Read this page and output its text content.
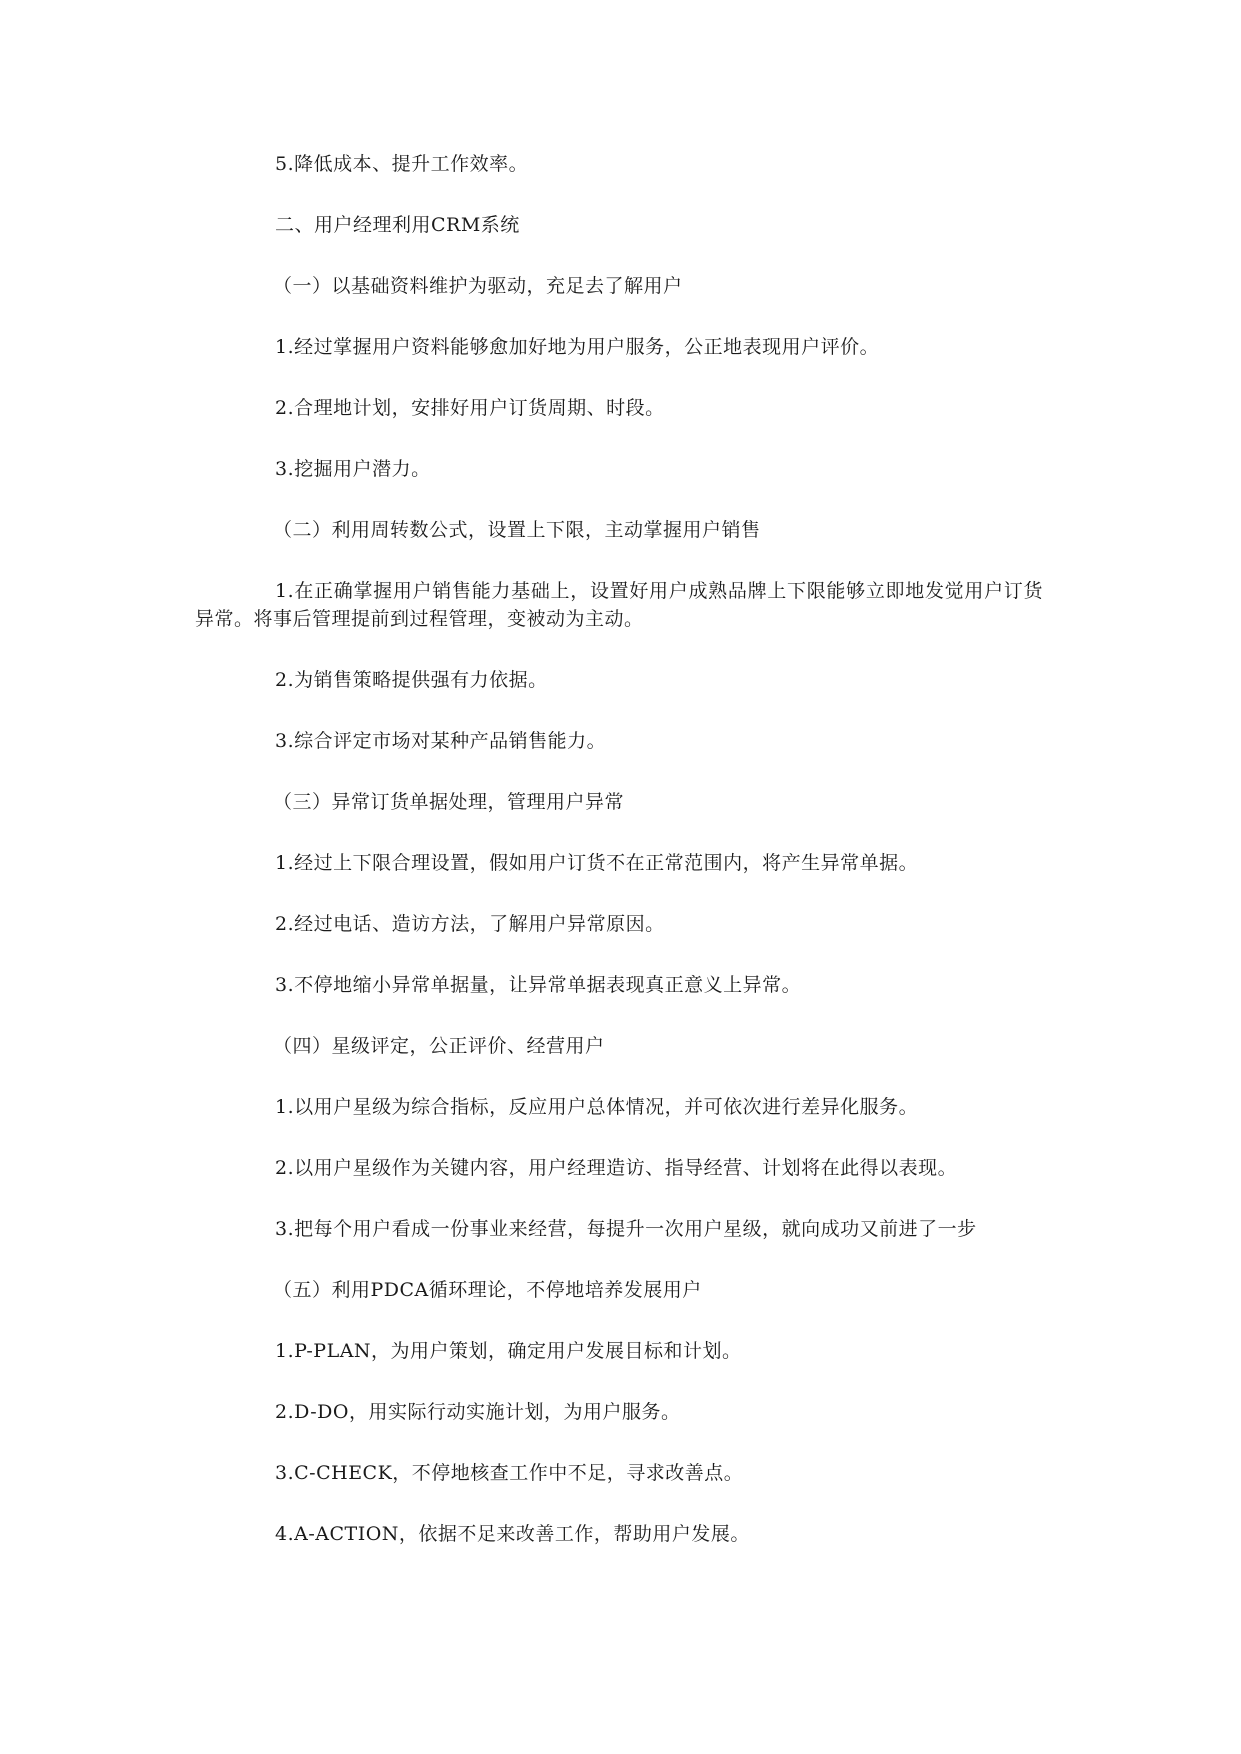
5.降低成本、提升工作效率。

二、用户经理利用CRM系统

（一）以基础资料维护为驱动，充足去了解用户

1.经过掌握用户资料能够愈加好地为用户服务，公正地表现用户评价。

2.合理地计划，安排好用户订货周期、时段。

3.挖掘用户潜力。

（二）利用周转数公式，设置上下限，主动掌握用户销售

1.在正确掌握用户销售能力基础上，设置好用户成熟品牌上下限能够立即地发觉用户订货异常。将事后管理提前到过程管理，变被动为主动。

2.为销售策略提供强有力依据。

3.综合评定市场对某种产品销售能力。

（三）异常订货单据处理，管理用户异常

1.经过上下限合理设置，假如用户订货不在正常范围内，将产生异常单据。

2.经过电话、造访方法，了解用户异常原因。

3.不停地缩小异常单据量，让异常单据表现真正意义上异常。

（四）星级评定，公正评价、经营用户

1.以用户星级为综合指标，反应用户总体情况，并可依次进行差异化服务。

2.以用户星级作为关键内容，用户经理造访、指导经营、计划将在此得以表现。

3.把每个用户看成一份事业来经营，每提升一次用户星级，就向成功又前进了一步

（五）利用PDCA循环理论，不停地培养发展用户

1.P-PLAN，为用户策划，确定用户发展目标和计划。

2.D-DO，用实际行动实施计划，为用户服务。

3.C-CHECK，不停地核查工作中不足，寻求改善点。

4.A-ACTION，依据不足来改善工作，帮助用户发展。
